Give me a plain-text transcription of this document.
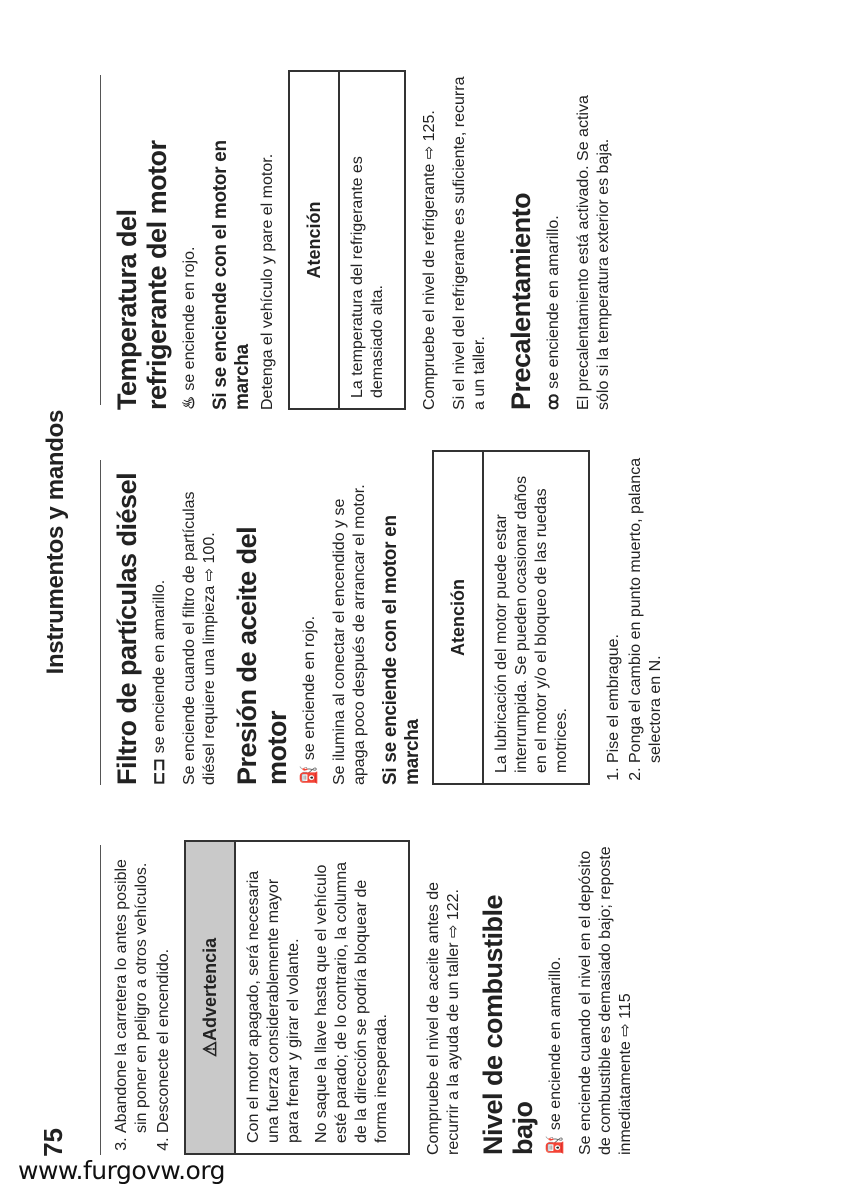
Instrumentos y mandos
75
Temperatura del refrigerante del motor ♨se enciende en rojo. Si se enciende con el motor en marcha Detenga el vehículo y pare el motor.	Atención	La temperatura del refrigerante es demasiado alta. Compruebe el nivel de refrigerante ⇨ 125. Si el nivel del refrigerante es suficiente, recurra a un taller. Precalentamiento ꝏse enciende en amarillo. El precalentamiento está activado. Se activa sólo si la temperatura exterior es baja.

Filtro de partículas diésel ⊏⊐se enciende en amarillo. Se enciende cuando el filtro de partículas diésel requiere una limpieza ⇨ 100. Presión de aceite del motor ⛽se enciende en rojo. Se ilumina al conectar el encendido y se apaga poco después de arrancar el motor. Si se enciende con el motor en marcha
Atención	La lubricación del motor puede estar interrumpida. Se pueden ocasionar daños en el motor y/o el bloqueo de las ruedas motrices. 1. Pise el embrague. 2. Ponga el cambio en punto muerto, palanca selectora en N.
3. Abandone la carretera lo antes posible sin poner en peligro a otros vehículos. 4. Desconecte el encendido.	⚠Advertencia	Con el motor apagado, será necesaria una fuerza considerablemente mayor para frenar y girar el volante. No saque la llave hasta que el vehículo esté parado; de lo contrario, la columna de la dirección se podría bloquear de forma inesperada. Compruebe el nivel de aceite antes de recurrir a la ayuda de un taller ⇨ 122. Nivel de combustible bajo ⛽se enciende en amarillo. Se enciende cuando el nivel en el depósito de combustible es demasiado bajo; reposte inmediatamente ⇨ 115

www.furgovw.org
